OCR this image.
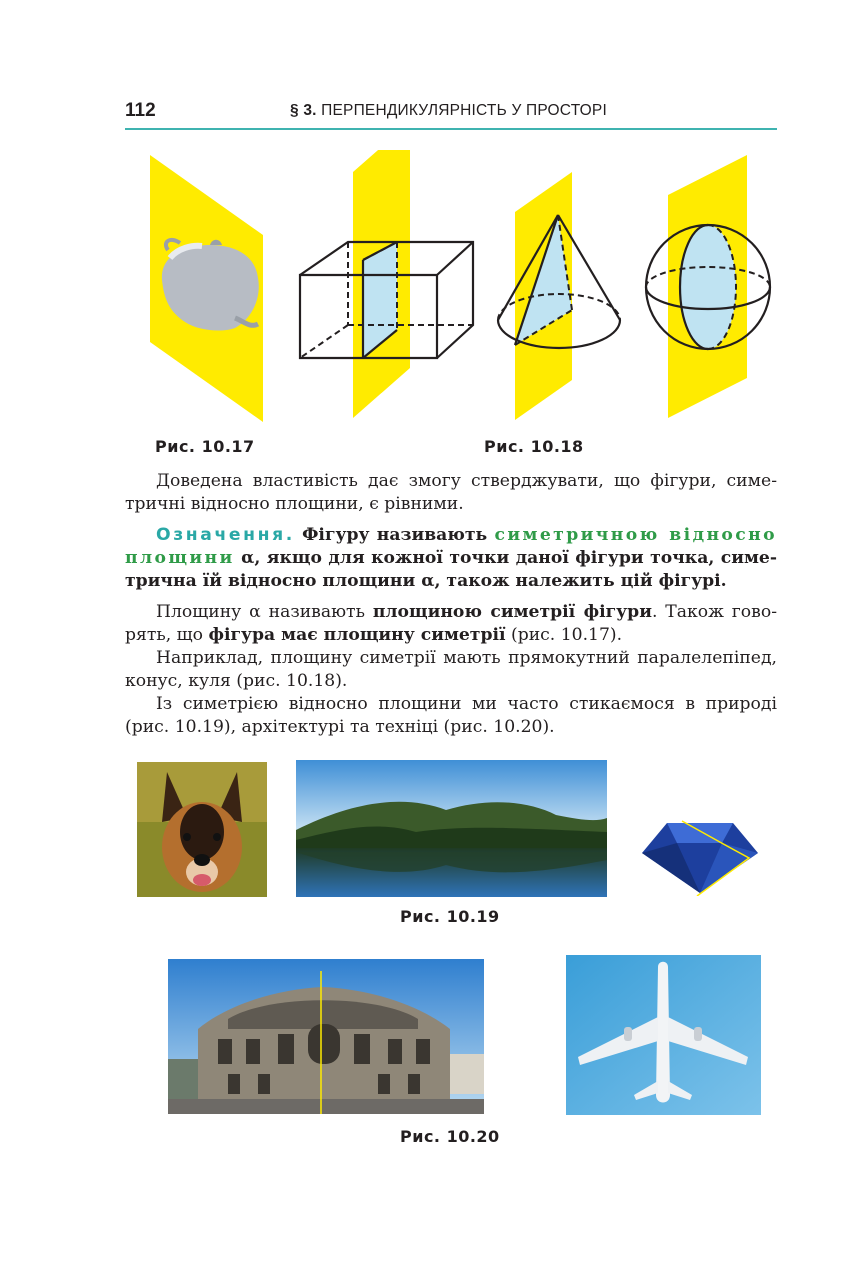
112	§ 3. ПЕРПЕНДИКУЛЯРНІСТЬ У ПРОСТОРІ
Рис. 10.17	Рис. 10.18

Доведена властивість дає змогу стверджувати, що фігури, симетричні відносно площини, є рівними.

Означення. Фігуру називають симетричною відносно площини α, якщо для кожної точки даної фігури точка, симетрична їй відносно площини α, також належить цій фігурі.

Площину α називають площиною симетрії фігури. Також говорять, що фігура має площину симетрії (рис. 10.17).

Наприклад, площину симетрії мають прямокутний паралелепіпед, конус, куля (рис. 10.18).

Із симетрією відносно площини ми часто стикаємося в природі (рис. 10.19), архітектурі та техніці (рис. 10.20).

Рис. 10.19
Рис. 10.20
